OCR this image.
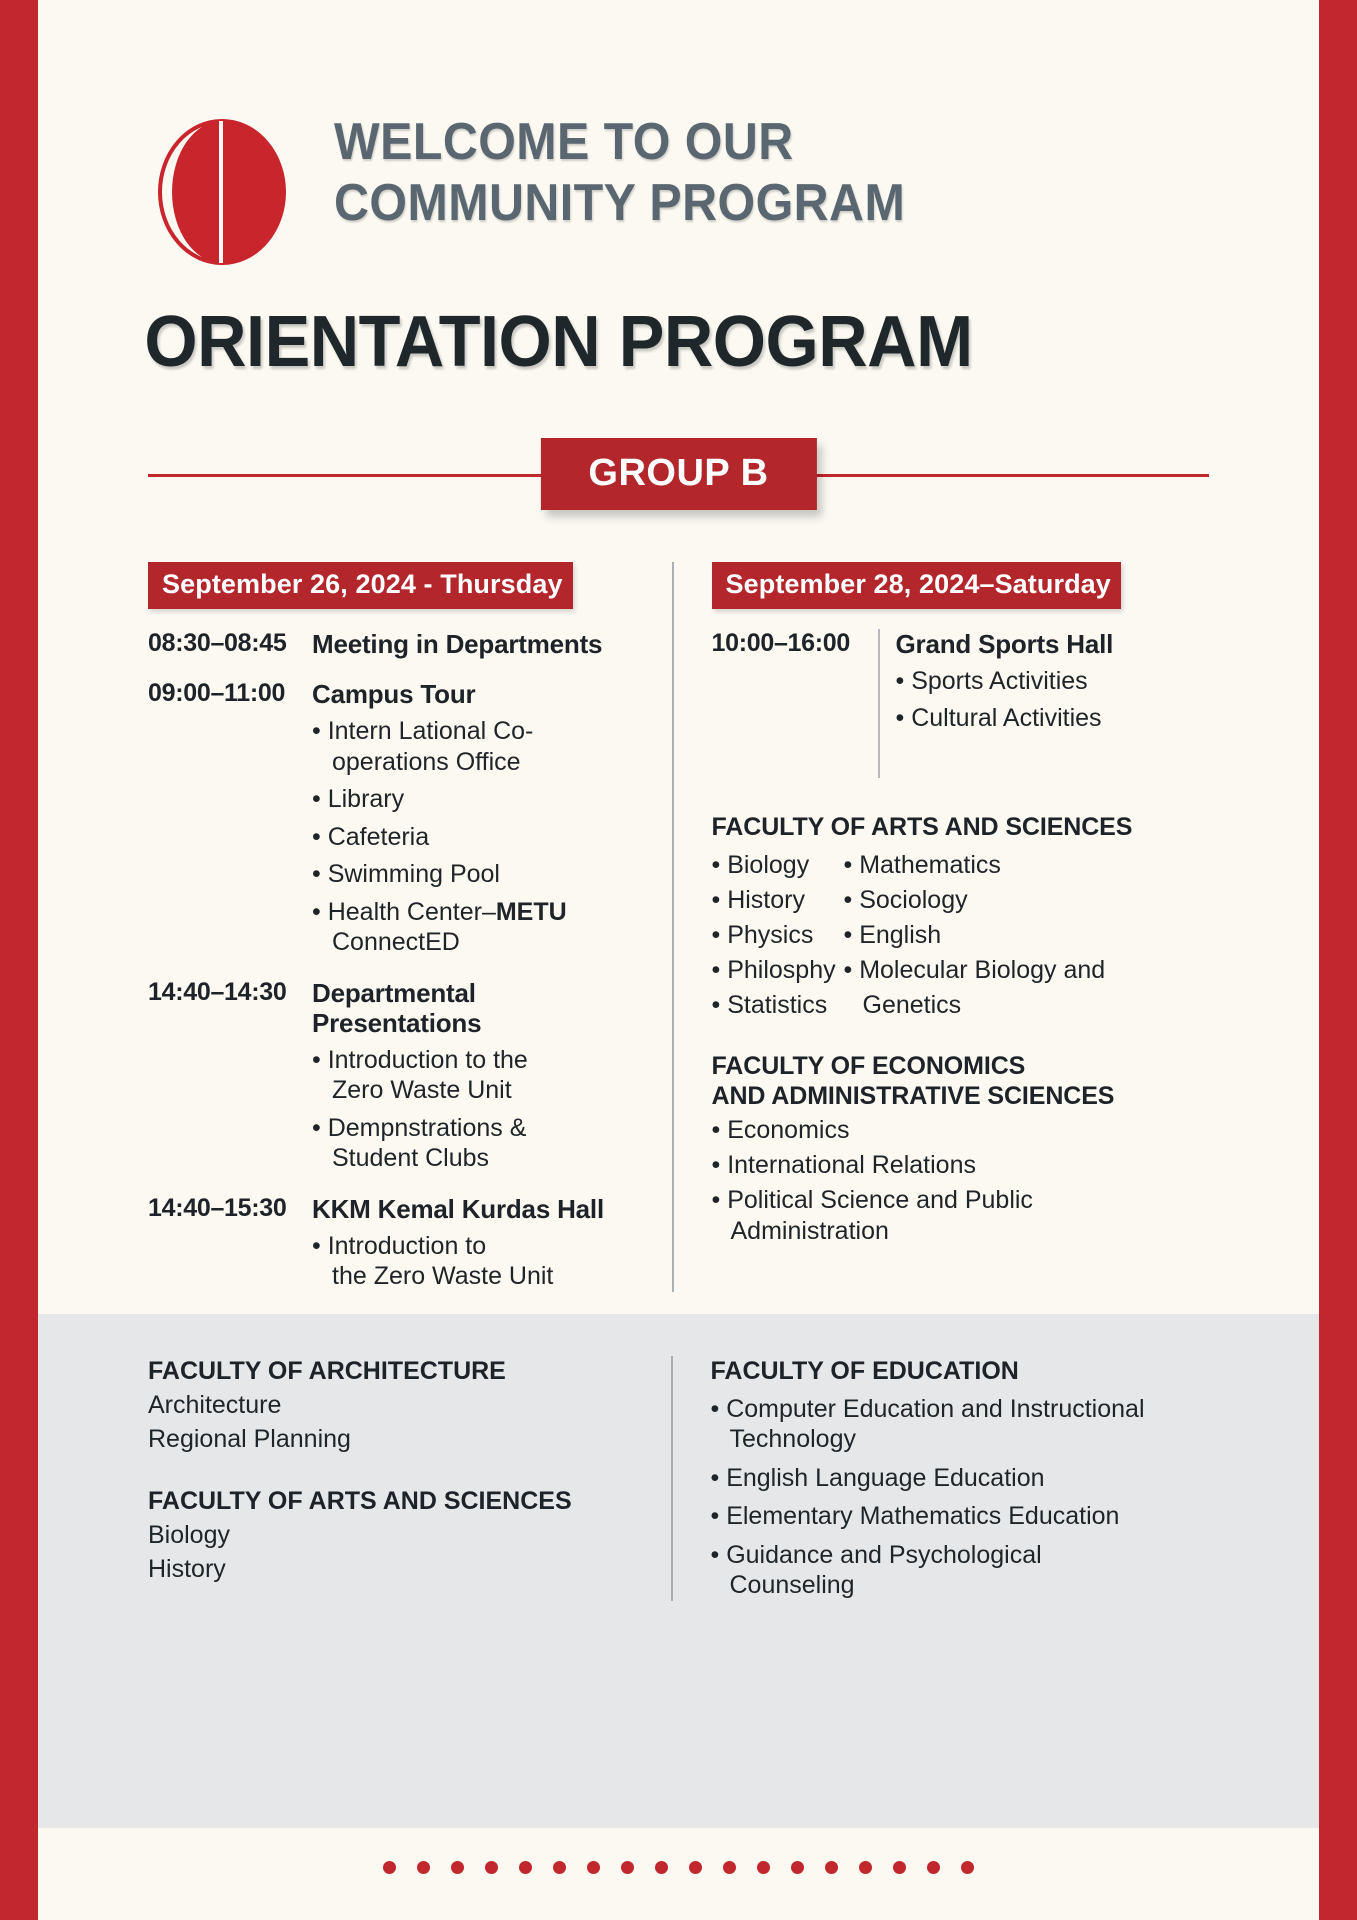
WELCOME TO OUR
COMMUNITY PROGRAM
ORIENTATION PROGRAM
GROUP B
September 26, 2024 - Thursday
08:30–08:45 Meeting in Departments
09:00–11:00	Campus Tour
• Intern Lational Co-
operations Office
• Library
• Cafeteria
• Swimming Pool
• Health Center–METU
ConnectED
14:40–14:30 Departmental Presentations
• Introduction to the
Zero Waste Unit
• Dempnstrations &
Student Clubs
14:40–15:30 KKM Kemal Kurdas Hall
• Introduction to
the Zero Waste Unit
September 28, 2024–Saturday
10:00–16:00	Grand Sports Hall
• Sports Activities
• Cultural Activities
FACULTY OF ARTS AND SCIENCES
• Biology
• History
• Physics
• Philosphy
• Statistics
• Mathematics
• Sociology
• English
• Molecular Biology and
Genetics
FACULTY OF ECONOMICS
AND ADMINISTRATIVE SCIENCES
• Economics
• International Relations
• Political Science and Public
Administration
FACULTY OF ARCHITECTURE
Architecture
Regional Planning
FACULTY OF ARTS AND SCIENCES
Biology
History
FACULTY OF EDUCATION
• Computer Education and Instructional
Technology
• English Language Education
• Elementary Mathematics Education
• Guidance and Psychological
Counseling
